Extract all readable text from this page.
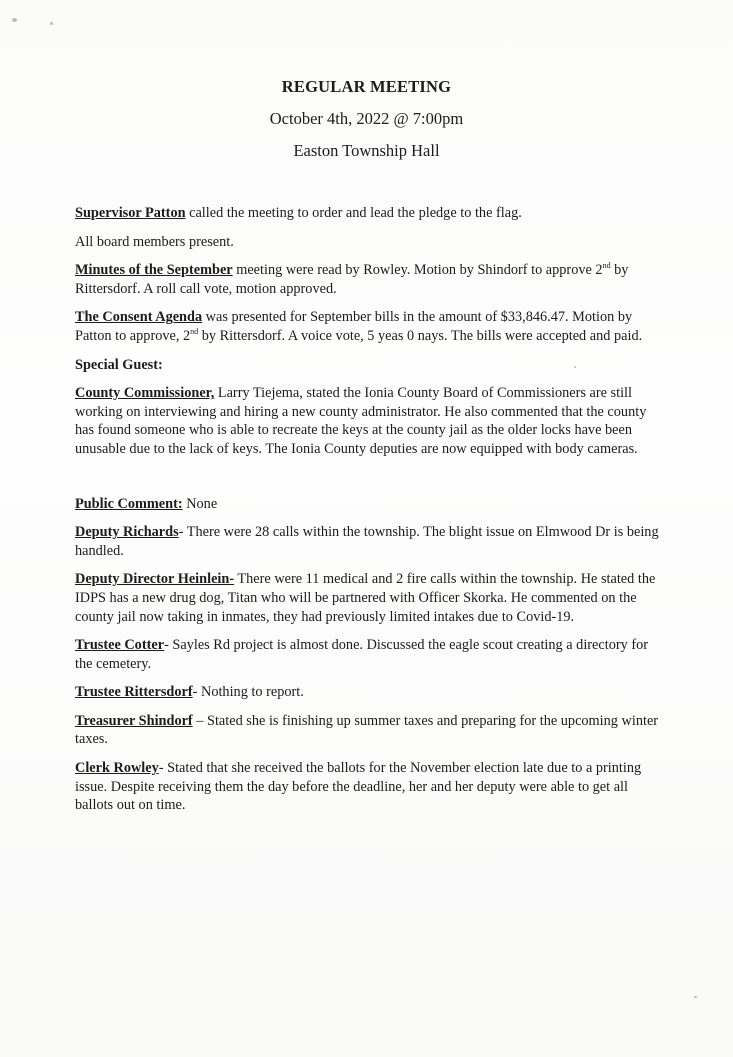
REGULAR MEETING
October 4th, 2022 @ 7:00pm
Easton Township Hall

Supervisor Patton called the meeting to order and lead the pledge to the flag.

All board members present.

Minutes of the September meeting were read by Rowley. Motion by Shindorf to approve 2nd by Rittersdorf. A roll call vote, motion approved.

The Consent Agenda was presented for September bills in the amount of $33,846.47. Motion by Patton to approve, 2nd by Rittersdorf. A voice vote, 5 yeas 0 nays. The bills were accepted and paid.

Special Guest:

County Commissioner, Larry Tiejema, stated the Ionia County Board of Commissioners are still working on interviewing and hiring a new county administrator. He also commented that the county has found someone who is able to recreate the keys at the county jail as the older locks have been unusable due to the lack of keys. The Ionia County deputies are now equipped with body cameras.

Public Comment: None

Deputy Richards- There were 28 calls within the township. The blight issue on Elmwood Dr is being handled.

Deputy Director Heinlein- There were 11 medical and 2 fire calls within the township. He stated the IDPS has a new drug dog, Titan who will be partnered with Officer Skorka. He commented on the county jail now taking in inmates, they had previously limited intakes due to Covid-19.

Trustee Cotter- Sayles Rd project is almost done. Discussed the eagle scout creating a directory for the cemetery.

Trustee Rittersdorf- Nothing to report.

Treasurer Shindorf – Stated she is finishing up summer taxes and preparing for the upcoming winter taxes.

Clerk Rowley- Stated that she received the ballots for the November election late due to a printing issue. Despite receiving them the day before the deadline, her and her deputy were able to get all ballots out on time.
